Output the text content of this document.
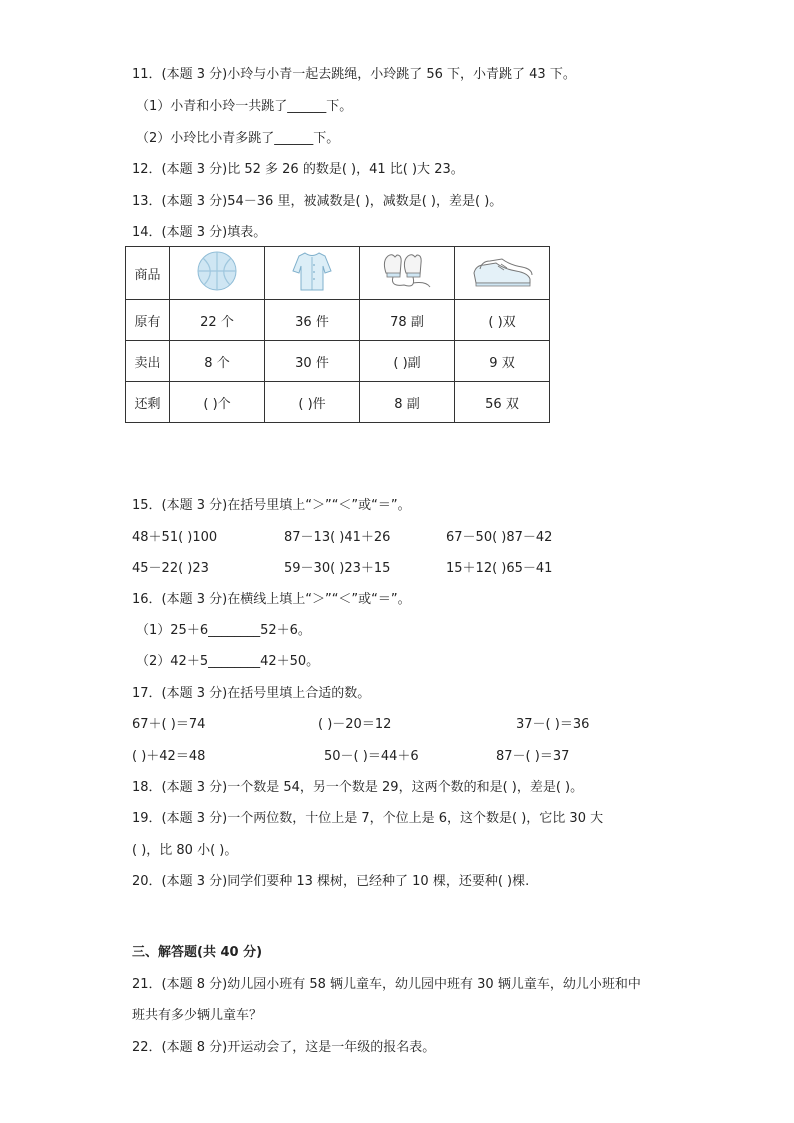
11．(本题 3 分)小玲与小青一起去跳绳，小玲跳了 56 下，小青跳了 43 下。
（1）小青和小玲一共跳了______下。
（2）小玲比小青多跳了______下。
12．(本题 3 分)比 52 多 26 的数是( )，41 比( )大 23。
13．(本题 3 分)54－36 里，被减数是( )，减数是( )，差是( )。
14．(本题 3 分)填表。
商品				
原有	22 个	36 件	78 副	( )双
卖出	8 个	30 件	( )副	9 双
还剩	( )个	( )件	8 副	56 双
15．(本题 3 分)在括号里填上“＞”“＜”或“＝”。
48＋51( )100	87－13( )41＋26	67－50( )87－42
45－22( )23	59－30( )23＋15	15＋12( )65－41
16．(本题 3 分)在横线上填上“＞”“＜”或“＝”。
（1）25＋6________52＋6。
（2）42＋5________42＋50。
17．(本题 3 分)在括号里填上合适的数。
67＋( )＝74	( )－20＝12	37－( )＝36
( )＋42＝48	50－( )＝44＋6	87－( )＝37
18．(本题 3 分)一个数是 54，另一个数是 29，这两个数的和是( )，差是( )。
19．(本题 3 分)一个两位数，十位上是 7，个位上是 6，这个数是( )，它比 30 大
( )，比 80 小( )。
20．(本题 3 分)同学们要种 13 棵树，已经种了 10 棵，还要种( )棵.
三、解答题(共 40 分)
21．(本题 8 分)幼儿园小班有 58 辆儿童车，幼儿园中班有 30 辆儿童车，幼儿小班和中
班共有多少辆儿童车？
22．(本题 8 分)开运动会了，这是一年级的报名表。
